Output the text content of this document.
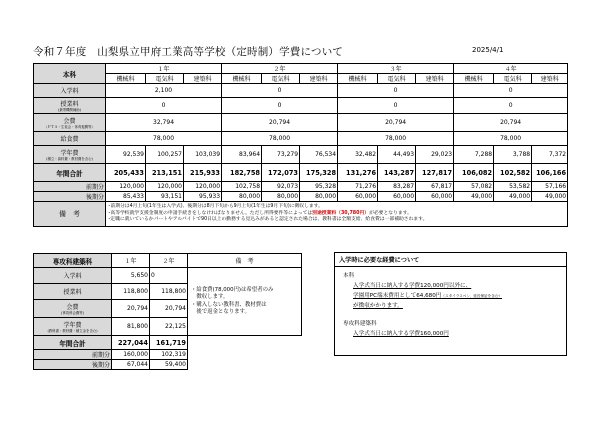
令和７年度　山梨県立甲府工業高等学校（定時制）学費について	2025/4/1
本科	１年			２年			３年			４年		
	機械科	電気科	建築科	機械科	電気科	建築科	機械科	電気科	建築科	機械科	電気科	建築科
入学料	2,100			0			0			0		
授業料
(最寄機関補助)	0			0			0			0		
会費
（ＰＴＡ・生徒会・体育振興等）	32,794			20,794			20,794			20,794		
給食費	78,000			78,000			78,000			78,000		
学年費
(積立・資料費・教材費を含む)	92,539	100,257	103,039	83,964	73,279	76,534	32,482	44,493	29,023	7,288	3,788	7,372
年間合計	205,433	213,151	215,933	182,758	172,073	175,328	131,276	143,287	127,817	106,082	102,582	106,166
前期分	120,000	120,000	120,000	102,758	92,073	95,328	71,276	83,287	67,817	57,082	53,582	57,166
後期分	85,433	93,151	95,933	80,000	80,000	80,000	60,000	60,000	60,000	49,000	49,000	49,000
備　考	･前期分は4月上旬(1年生は入学式)、後期分は8月下旬から9月上旬(1年生は9月下旬)に徴収します。
･高等学校就学支援金制度の申請手続きをしなければなりません。ただし所得要件等によっては別途授業料（30,780円）が必要となります。
･定職に就いているかパートやアルバイトで90日以上の勤務する見込みがあると認定された場合は、教科書は全額支給、給食費は一部補助されます。											
専攻科建築科	１年	２年	備　考
入学料	5,650	0	・給食費(78,000円)は希望者のみ
　徴収します。
・購入しない教科書、教材費は
　後で返金となります。

授業料	118,800	118,800	
会費
(専攻科会費等)	20,794	20,794	
学年費
(教科書・教材費・積立金を含む)	81,800	22,125	
年間合計	227,044	161,719	
前期分	160,000	102,319	
後期分	67,044	59,400	
入学時に必要な経費について
本科
入学式当日に納入する学費120,000円以外に、
学園用PC端末費用として64,680円（スタイラスペン、延長保証を含む）
が徴収かかります。
専攻科建築科
入学式当日に納入する学費160,000円
